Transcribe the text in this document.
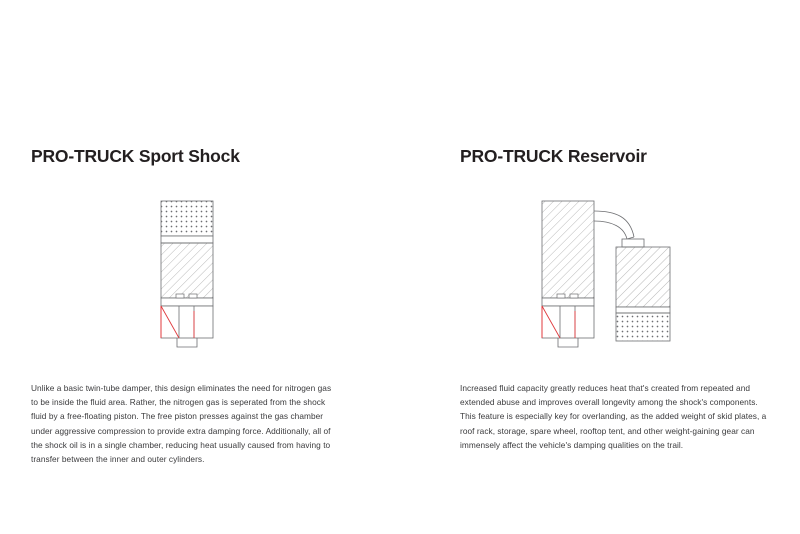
PRO-TRUCK Sport Shock

Unlike a basic twin-tube damper, this design eliminates the need for nitrogen gas to be inside the fluid area. Rather, the nitrogen gas is seperated from the shock fluid by a free-floating piston. The free piston presses against the gas chamber under aggressive compression to provide extra damping force. Additionally, all of the shock oil is in a single chamber, reducing heat usually caused from having to transfer between the inner and outer cylinders.

PRO-TRUCK Reservoir

Increased fluid capacity greatly reduces heat that's created from repeated and extended abuse and improves overall longevity among the shock's components. This feature is especially key for overlanding, as the added weight of skid plates, a roof rack, storage, spare wheel, rooftop tent, and other weight-gaining gear can immensely affect the vehicle's damping qualities on the trail.
